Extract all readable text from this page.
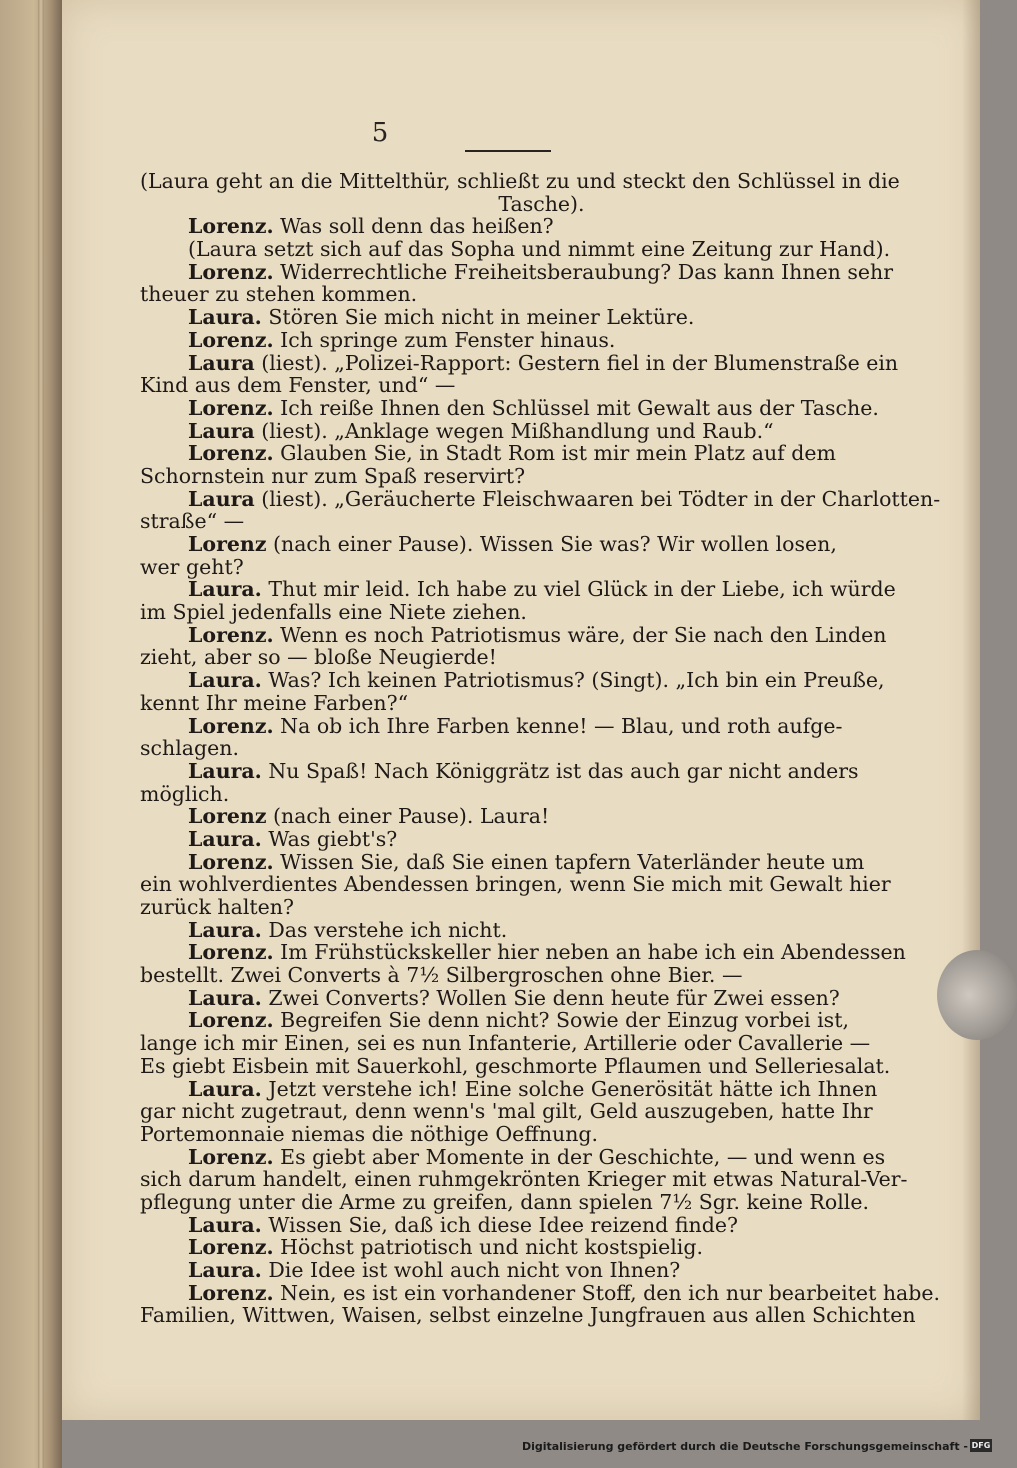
5
(Laura geht an die Mittelthür, schließt zu und steckt den Schlüssel in die
Tasche).
Lorenz. Was soll denn das heißen?
(Laura setzt sich auf das Sopha und nimmt eine Zeitung zur Hand).
Lorenz. Widerrechtliche Freiheitsberaubung? Das kann Ihnen sehr
theuer zu stehen kommen.
Laura. Stören Sie mich nicht in meiner Lektüre.
Lorenz. Ich springe zum Fenster hinaus.
Laura (liest). „Polizei-Rapport: Gestern fiel in der Blumenstraße ein
Kind aus dem Fenster, und“ —
Lorenz. Ich reiße Ihnen den Schlüssel mit Gewalt aus der Tasche.
Laura (liest). „Anklage wegen Mißhandlung und Raub.“
Lorenz. Glauben Sie, in Stadt Rom ist mir mein Platz auf dem
Schornstein nur zum Spaß reservirt?
Laura (liest). „Geräucherte Fleischwaaren bei Tödter in der Charlotten-
straße“ —
Lorenz (nach einer Pause). Wissen Sie was? Wir wollen losen,
wer geht?
Laura. Thut mir leid. Ich habe zu viel Glück in der Liebe, ich würde
im Spiel jedenfalls eine Niete ziehen.
Lorenz. Wenn es noch Patriotismus wäre, der Sie nach den Linden
zieht, aber so — bloße Neugierde!
Laura. Was? Ich keinen Patriotismus? (Singt). „Ich bin ein Preuße,
kennt Ihr meine Farben?“
Lorenz. Na ob ich Ihre Farben kenne! — Blau, und roth aufge-
schlagen.
Laura. Nu Spaß! Nach Königgrätz ist das auch gar nicht anders
möglich.
Lorenz (nach einer Pause). Laura!
Laura. Was giebt's?
Lorenz. Wissen Sie, daß Sie einen tapfern Vaterländer heute um
ein wohlverdientes Abendessen bringen, wenn Sie mich mit Gewalt hier
zurück halten?
Laura. Das verstehe ich nicht.
Lorenz. Im Frühstückskeller hier neben an habe ich ein Abendessen
bestellt. Zwei Converts à 7½ Silbergroschen ohne Bier. —
Laura. Zwei Converts? Wollen Sie denn heute für Zwei essen?
Lorenz. Begreifen Sie denn nicht? Sowie der Einzug vorbei ist,
lange ich mir Einen, sei es nun Infanterie, Artillerie oder Cavallerie —
Es giebt Eisbein mit Sauerkohl, geschmorte Pflaumen und Selleriesalat.
Laura. Jetzt verstehe ich! Eine solche Generösität hätte ich Ihnen
gar nicht zugetraut, denn wenn's 'mal gilt, Geld auszugeben, hatte Ihr
Portemonnaie niemas die nöthige Oeffnung.
Lorenz. Es giebt aber Momente in der Geschichte, — und wenn es
sich darum handelt, einen ruhmgekrönten Krieger mit etwas Natural-Ver-
pflegung unter die Arme zu greifen, dann spielen 7½ Sgr. keine Rolle.
Laura. Wissen Sie, daß ich diese Idee reizend finde?
Lorenz. Höchst patriotisch und nicht kostspielig.
Laura. Die Idee ist wohl auch nicht von Ihnen?
Lorenz. Nein, es ist ein vorhandener Stoff, den ich nur bearbeitet habe.
Familien, Wittwen, Waisen, selbst einzelne Jungfrauen aus allen Schichten
Digitalisierung gefördert durch die Deutsche Forschungsgemeinschaft - DFG
